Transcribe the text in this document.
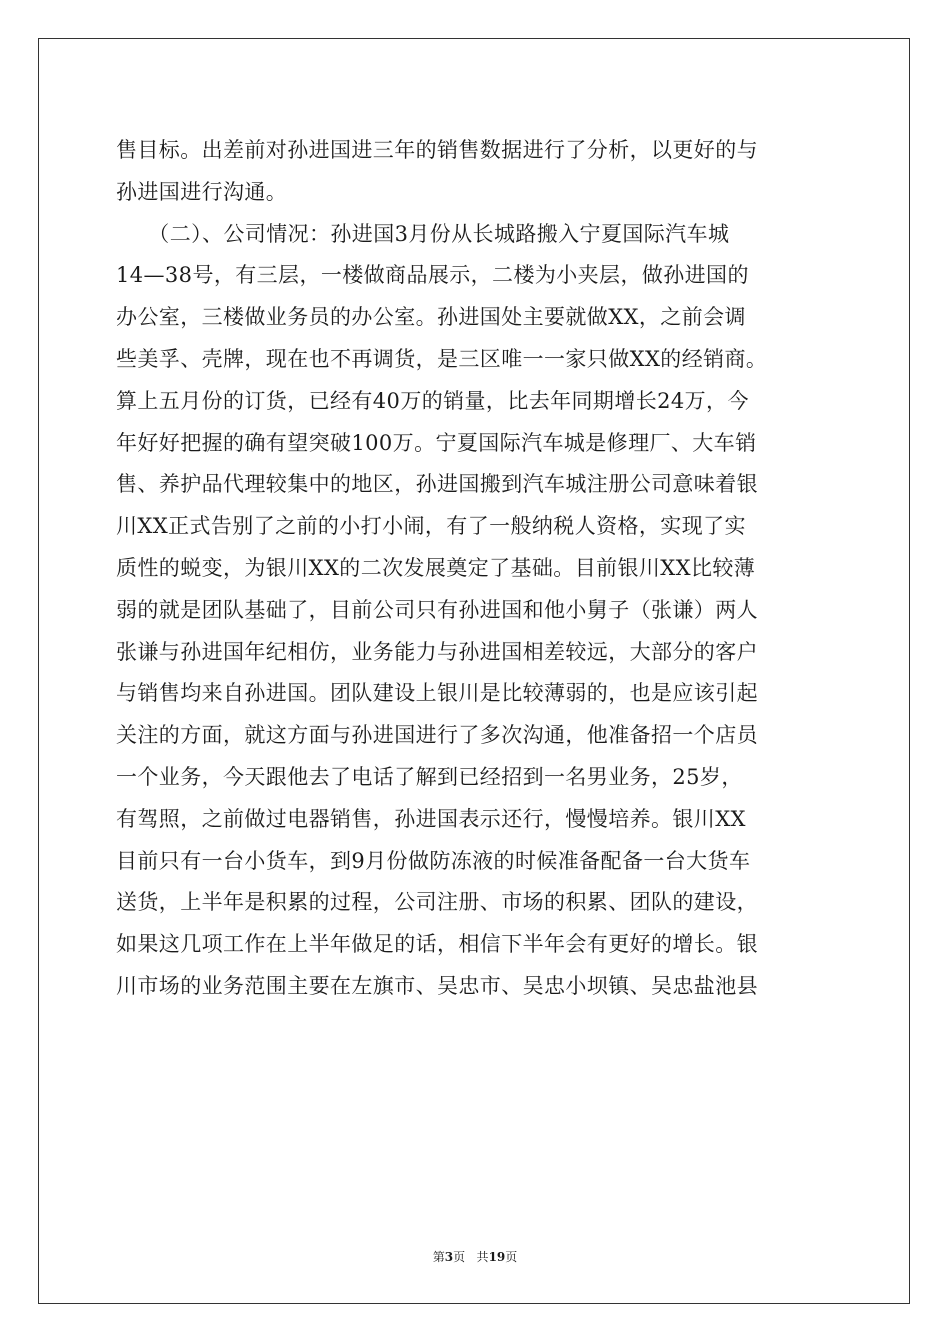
售目标。出差前对孙进国进三年的销售数据进行了分析，以更好的与
孙进国进行沟通。
　　（二）、公司情况：孙进国3月份从长城路搬入宁夏国际汽车城
14—38号，有三层，一楼做商品展示，二楼为小夹层，做孙进国的
办公室，三楼做业务员的办公室。孙进国处主要就做XX，之前会调
些美孚、壳牌，现在也不再调货，是三区唯一一家只做XX的经销商。
算上五月份的订货，已经有40万的销量，比去年同期增长24万，今
年好好把握的确有望突破100万。宁夏国际汽车城是修理厂、大车销
售、养护品代理较集中的地区，孙进国搬到汽车城注册公司意味着银
川XX正式告别了之前的小打小闹，有了一般纳税人资格，实现了实
质性的蜕变，为银川XX的二次发展奠定了基础。目前银川XX比较薄
弱的就是团队基础了，目前公司只有孙进国和他小舅子（张谦）两人
张谦与孙进国年纪相仿，业务能力与孙进国相差较远，大部分的客户
与销售均来自孙进国。团队建设上银川是比较薄弱的，也是应该引起
关注的方面，就这方面与孙进国进行了多次沟通，他准备招一个店员
一个业务，今天跟他去了电话了解到已经招到一名男业务，25岁，
有驾照，之前做过电器销售，孙进国表示还行，慢慢培养。银川XX
目前只有一台小货车，到9月份做防冻液的时候准备配备一台大货车
送货，上半年是积累的过程，公司注册、市场的积累、团队的建设，
如果这几项工作在上半年做足的话，相信下半年会有更好的增长。银
川市场的业务范围主要在左旗市、吴忠市、吴忠小坝镇、吴忠盐池县
第3页 共19页
